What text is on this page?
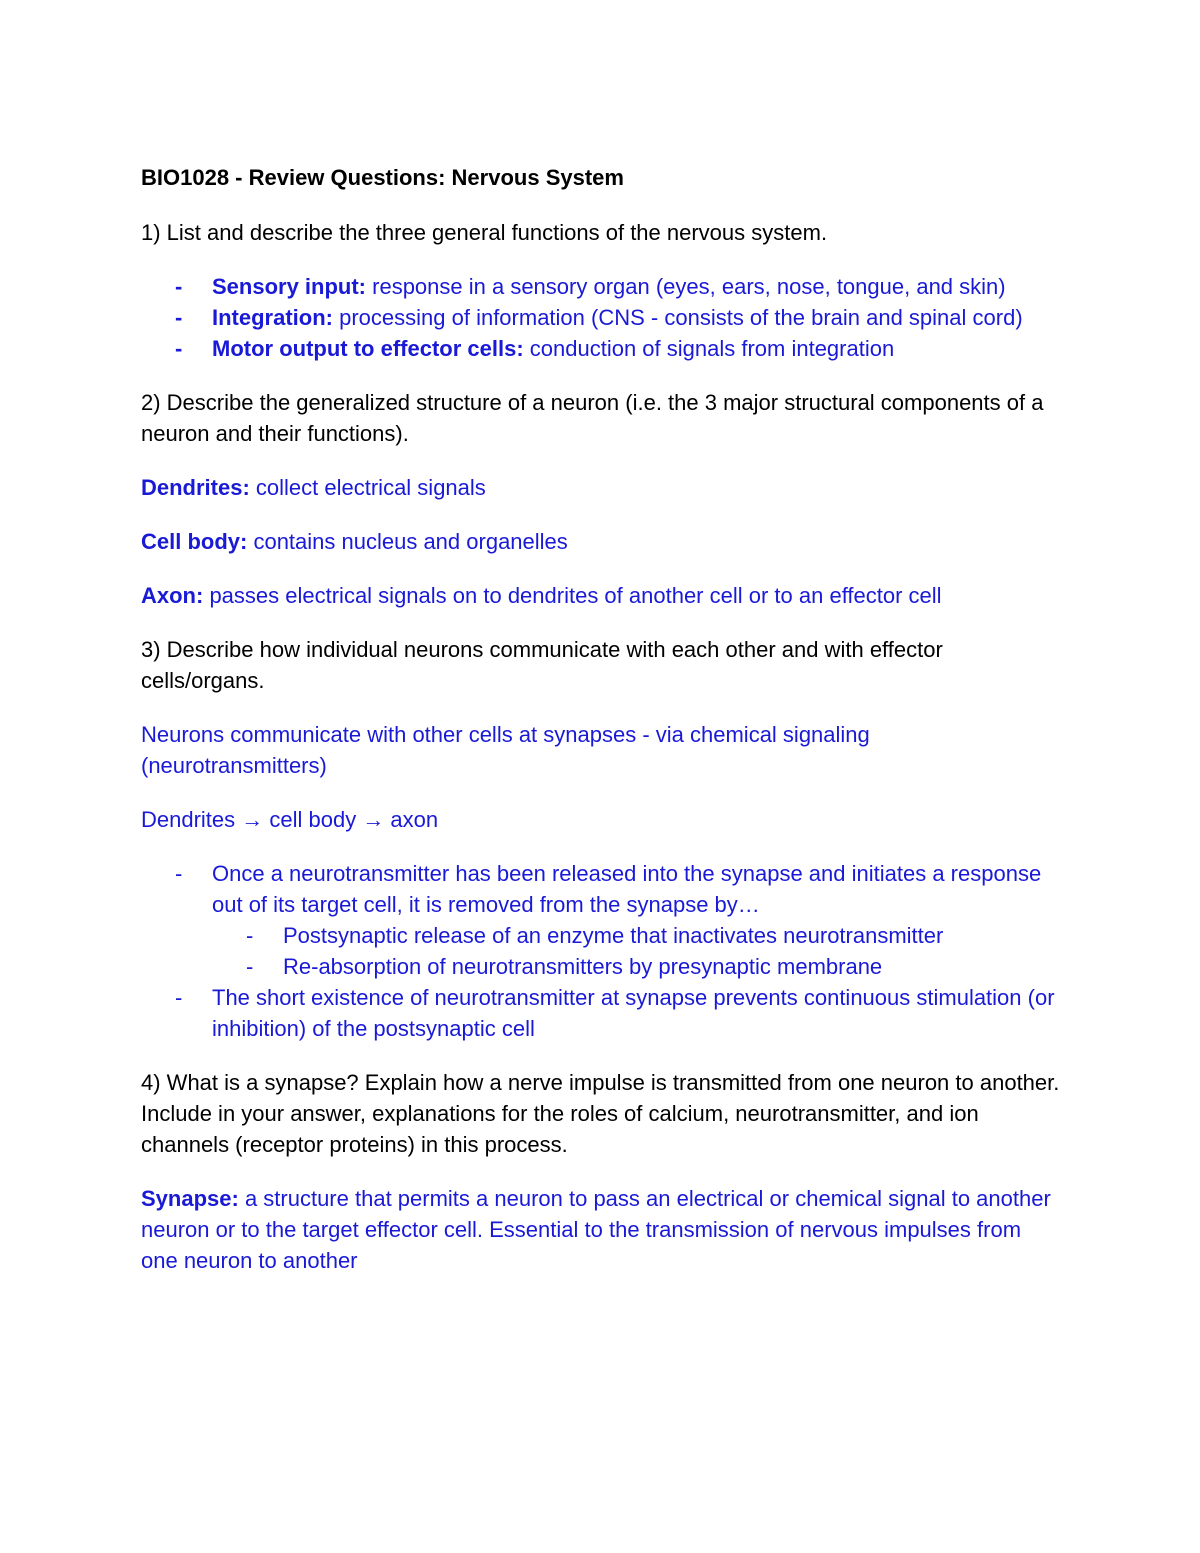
BIO1028 - Review Questions: Nervous System
1) List and describe the three general functions of the nervous system.
- Sensory input: response in a sensory organ (eyes, ears, nose, tongue, and skin)
- Integration: processing of information (CNS - consists of the brain and spinal cord)
- Motor output to effector cells: conduction of signals from integration
2) Describe the generalized structure of a neuron (i.e. the 3 major structural components of a neuron and their functions).
Dendrites: collect electrical signals
Cell body: contains nucleus and organelles
Axon: passes electrical signals on to dendrites of another cell or to an effector cell
3) Describe how individual neurons communicate with each other and with effector cells/organs.
Neurons communicate with other cells at synapses - via chemical signaling (neurotransmitters)
Dendrites → cell body → axon
- Once a neurotransmitter has been released into the synapse and initiates a response out of its target cell, it is removed from the synapse by…
- Postsynaptic release of an enzyme that inactivates neurotransmitter
- Re-absorption of neurotransmitters by presynaptic membrane
- The short existence of neurotransmitter at synapse prevents continuous stimulation (or inhibition) of the postsynaptic cell
4) What is a synapse? Explain how a nerve impulse is transmitted from one neuron to another. Include in your answer, explanations for the roles of calcium, neurotransmitter, and ion channels (receptor proteins) in this process.
Synapse: a structure that permits a neuron to pass an electrical or chemical signal to another neuron or to the target effector cell. Essential to the transmission of nervous impulses from one neuron to another
